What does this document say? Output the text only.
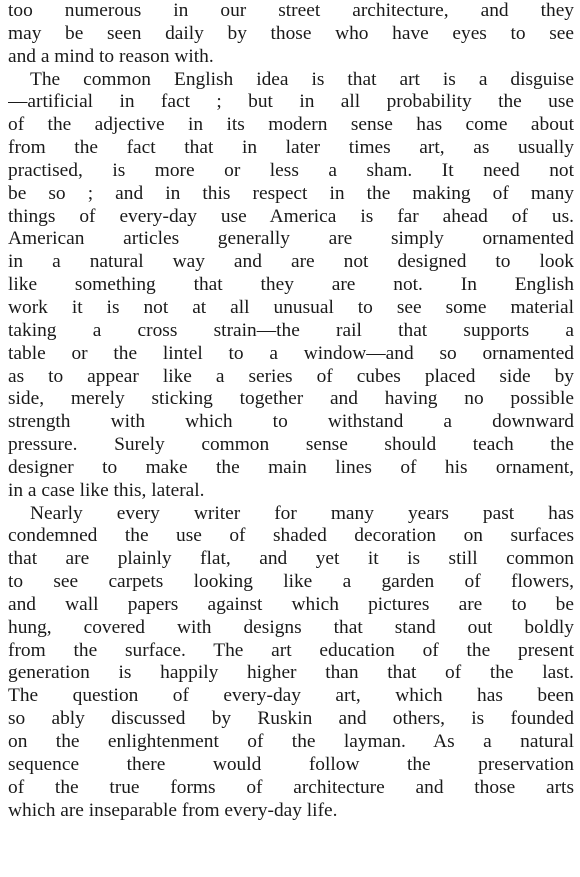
too numerous in our street architecture, and they
may be seen daily by those who have eyes to see
and a mind to reason with.
The common English idea is that art is a disguise
—artificial in fact ; but in all probability the use
of the adjective in its modern sense has come about
from the fact that in later times art, as usually
practised, is more or less a sham. It need not
be so ; and in this respect in the making of many
things of every-day use America is far ahead of us.
American articles generally are simply ornamented
in a natural way and are not designed to look
like something that they are not. In English
work it is not at all unusual to see some material
taking a cross strain—the rail that supports a
table or the lintel to a window—and so ornamented
as to appear like a series of cubes placed side by
side, merely sticking together and having no possible
strength with which to withstand a downward
pressure. Surely common sense should teach the
designer to make the main lines of his ornament,
in a case like this, lateral.
Nearly every writer for many years past has
condemned the use of shaded decoration on surfaces
that are plainly flat, and yet it is still common
to see carpets looking like a garden of flowers,
and wall papers against which pictures are to be
hung, covered with designs that stand out boldly
from the surface. The art education of the present
generation is happily higher than that of the last.
The question of every-day art, which has been
so ably discussed by Ruskin and others, is founded
on the enlightenment of the layman. As a natural
sequence there would follow the preservation
of the true forms of architecture and those arts
which are inseparable from every-day life.
